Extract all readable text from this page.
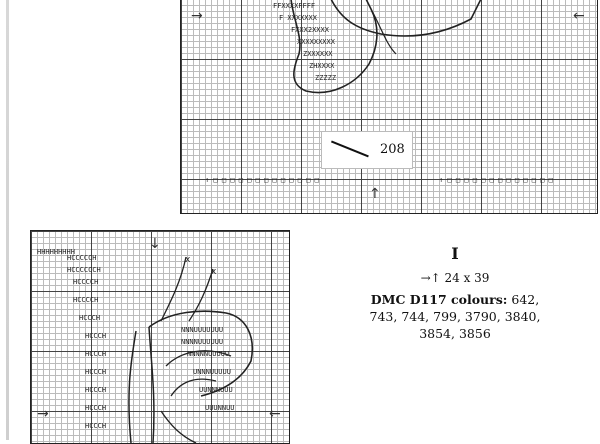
FFXXXXFFFF
F XXXXXXX
FXXX2XXXX
XXXXXXXXX
ZXXXXXX
ZHXXXX
ZZZZZ
↑ □ □ □ □ □ □ □ □ □ □ □ □ □	↑ □ □ □ □ □ □ □ □ □ □ □ □ □
208
→	←
↑
HHHHHHHHH
HCCCCCH
HCCCCCCH
HCCCCH
HCCCCH
HCCCH
HCCCH
HCCCH
HCCCH
HCCCH
HCCCH
HCCCH
NNNUUUUUUU
NNNNUUUUUU
NNNNNUUUUU
UNNNUUUUU
UUNNNUUU
UUUNNUU
x
x
↓
→	←
I
→↑ 24 x 39
DMC D117 colours: 642,
743, 744, 799, 3790, 3840,
3854, 3856
